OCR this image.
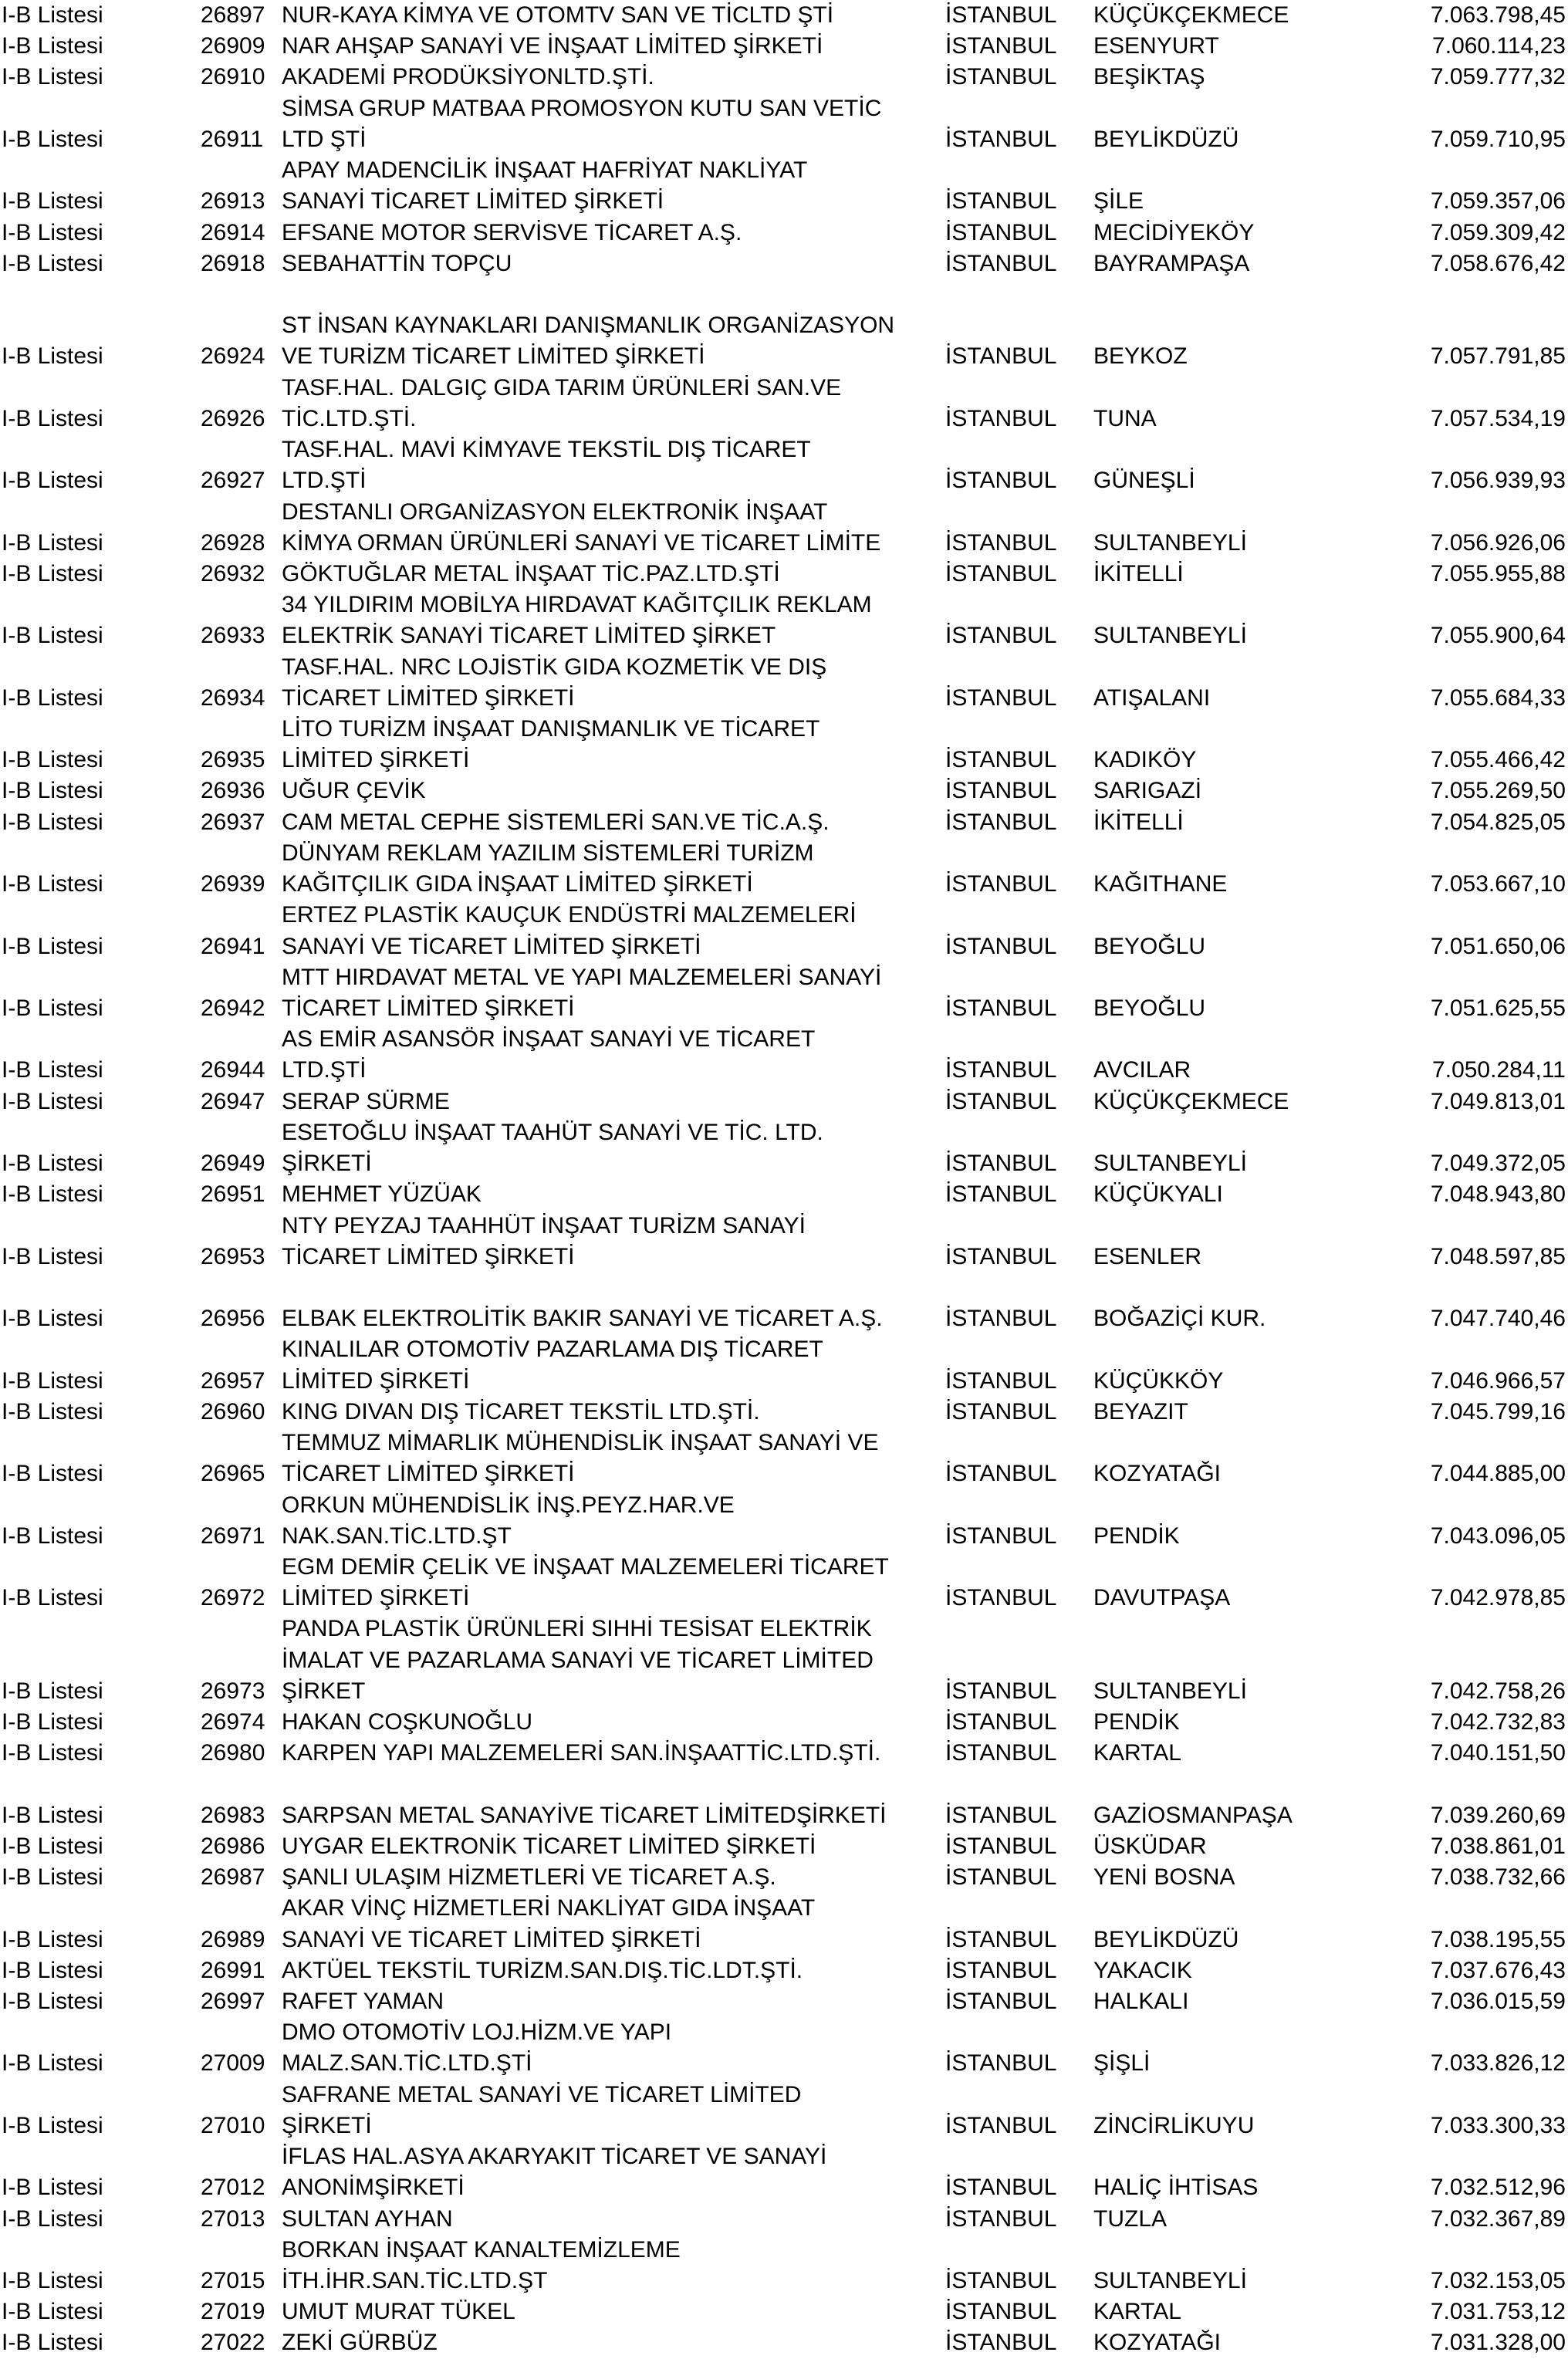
I-B Listesi	26897 NUR-KAYA KİMYA VE OTOMTV SAN VE TİCLTD ŞTİ	İSTANBUL KÜÇÜKÇEKMECE	7.063.798,45
I-B Listesi	26909 NAR AHŞAP SANAYİ VE İNŞAAT LİMİTED ŞİRKETİ	İSTANBUL ESENYURT	7.060.114,23
I-B Listesi	26910 AKADEMİ PRODÜKSİYONLTD.ŞTİ.	İSTANBUL BEŞİKTAŞ	7.059.777,32
SİMSA GRUP MATBAA PROMOSYON KUTU SAN VETİC
I-B Listesi	26911 LTD ŞTİ	İSTANBUL BEYLİKDÜZÜ	7.059.710,95
APAY MADENCİLİK İNŞAAT HAFRİYAT NAKLİYAT
I-B Listesi	26913 SANAYİ TİCARET LİMİTED ŞİRKETİ	İSTANBUL ŞİLE	7.059.357,06
I-B Listesi	26914 EFSANE MOTOR SERVİSVE TİCARET A.Ş.	İSTANBUL MECİDİYEKÖY	7.059.309,42
I-B Listesi	26918 SEBAHATTİN TOPÇU	İSTANBUL BAYRAMPAŞA	7.058.676,42
ST İNSAN KAYNAKLARI DANIŞMANLIK ORGANİZASYON
I-B Listesi	26924 VE TURİZM TİCARET LİMİTED ŞİRKETİ	İSTANBUL BEYKOZ	7.057.791,85
TASF.HAL. DALGIÇ GIDA TARIM ÜRÜNLERİ SAN.VE
I-B Listesi	26926 TİC.LTD.ŞTİ.	İSTANBUL TUNA	7.057.534,19
TASF.HAL. MAVİ KİMYAVE TEKSTİL DIŞ TİCARET
I-B Listesi	26927 LTD.ŞTİ	İSTANBUL GÜNEŞLİ	7.056.939,93
DESTANLI ORGANİZASYON ELEKTRONİK İNŞAAT
I-B Listesi	26928 KİMYA ORMAN ÜRÜNLERİ SANAYİ VE TİCARET LİMİTE	İSTANBUL SULTANBEYLİ	7.056.926,06
I-B Listesi	26932 GÖKTUĞLAR METAL İNŞAAT TİC.PAZ.LTD.ŞTİ	İSTANBUL İKİTELLİ	7.055.955,88
34 YILDIRIM MOBİLYA HIRDAVAT KAĞITÇILIK REKLAM
I-B Listesi	26933 ELEKTRİK SANAYİ TİCARET LİMİTED ŞİRKET	İSTANBUL SULTANBEYLİ	7.055.900,64
TASF.HAL. NRC LOJİSTİK GIDA KOZMETİK VE DIŞ
I-B Listesi	26934 TİCARET LİMİTED ŞİRKETİ	İSTANBUL ATIŞALANI	7.055.684,33
LİTO TURİZM İNŞAAT DANIŞMANLIK VE TİCARET
I-B Listesi	26935 LİMİTED ŞİRKETİ	İSTANBUL KADIKÖY	7.055.466,42
I-B Listesi	26936 UĞUR ÇEVİK	İSTANBUL SARIGAZİ	7.055.269,50
I-B Listesi	26937 CAM METAL CEPHE SİSTEMLERİ SAN.VE TİC.A.Ş.	İSTANBUL İKİTELLİ	7.054.825,05
DÜNYAM REKLAM YAZILIM SİSTEMLERİ TURİZM
I-B Listesi	26939 KAĞITÇILIK GIDA İNŞAAT LİMİTED ŞİRKETİ	İSTANBUL KAĞITHANE	7.053.667,10
ERTEZ PLASTİK KAUÇUK ENDÜSTRİ MALZEMELERİ
I-B Listesi	26941 SANAYİ VE TİCARET LİMİTED ŞİRKETİ	İSTANBUL BEYOĞLU	7.051.650,06
MTT HIRDAVAT METAL VE YAPI MALZEMELERİ SANAYİ
I-B Listesi	26942 TİCARET LİMİTED ŞİRKETİ	İSTANBUL BEYOĞLU	7.051.625,55
AS EMİR ASANSÖR İNŞAAT SANAYİ VE TİCARET
I-B Listesi	26944 LTD.ŞTİ	İSTANBUL AVCILAR	7.050.284,11
I-B Listesi	26947 SERAP SÜRME	İSTANBUL KÜÇÜKÇEKMECE	7.049.813,01
ESETOĞLU İNŞAAT TAAHÜT SANAYİ VE TİC. LTD.
I-B Listesi	26949 ŞİRKETİ	İSTANBUL SULTANBEYLİ	7.049.372,05
I-B Listesi	26951 MEHMET YÜZÜAK	İSTANBUL KÜÇÜKYALI	7.048.943,80
NTY PEYZAJ TAAHHÜT İNŞAAT TURİZM SANAYİ
I-B Listesi	26953 TİCARET LİMİTED ŞİRKETİ	İSTANBUL ESENLER	7.048.597,85
I-B Listesi	26956 ELBAK ELEKTROLİTİK BAKIR SANAYİ VE TİCARET A.Ş.	İSTANBUL BOĞAZİÇİ KUR.	7.047.740,46
KINALILAR OTOMOTİV PAZARLAMA DIŞ TİCARET
I-B Listesi	26957 LİMİTED ŞİRKETİ	İSTANBUL KÜÇÜKKÖY	7.046.966,57
I-B Listesi	26960 KING DIVAN DIŞ TİCARET TEKSTİL LTD.ŞTİ.	İSTANBUL BEYAZIT	7.045.799,16
TEMMUZ MİMARLIK MÜHENDİSLİK İNŞAAT SANAYİ VE
I-B Listesi	26965 TİCARET LİMİTED ŞİRKETİ	İSTANBUL KOZYATAĞI	7.044.885,00
ORKUN MÜHENDİSLİK İNŞ.PEYZ.HAR.VE
I-B Listesi	26971 NAK.SAN.TİC.LTD.ŞT	İSTANBUL PENDİK	7.043.096,05
EGM DEMİR ÇELİK VE İNŞAAT MALZEMELERİ TİCARET
I-B Listesi	26972 LİMİTED ŞİRKETİ	İSTANBUL DAVUTPAŞA	7.042.978,85
PANDA PLASTİK ÜRÜNLERİ SIHHİ TESİSAT ELEKTRİK
İMALAT VE PAZARLAMA SANAYİ VE TİCARET LİMİTED
I-B Listesi	26973 ŞİRKET	İSTANBUL SULTANBEYLİ	7.042.758,26
I-B Listesi	26974 HAKAN COŞKUNOĞLU	İSTANBUL PENDİK	7.042.732,83
I-B Listesi	26980 KARPEN YAPI MALZEMELERİ SAN.İNŞAATTİC.LTD.ŞTİ.	İSTANBUL KARTAL	7.040.151,50
I-B Listesi	26983 SARPSAN METAL SANAYİVE TİCARET LİMİTEDŞİRKETİ	İSTANBUL GAZİOSMANPAŞA	7.039.260,69
I-B Listesi	26986 UYGAR ELEKTRONİK TİCARET LİMİTED ŞİRKETİ	İSTANBUL ÜSKÜDAR	7.038.861,01
I-B Listesi	26987 ŞANLI ULAŞIM HİZMETLERİ VE TİCARET A.Ş.	İSTANBUL YENİ BOSNA	7.038.732,66
AKAR VİNÇ HİZMETLERİ NAKLİYAT GIDA İNŞAAT
I-B Listesi	26989 SANAYİ VE TİCARET LİMİTED ŞİRKETİ	İSTANBUL BEYLİKDÜZÜ	7.038.195,55
I-B Listesi	26991 AKTÜEL TEKSTİL TURİZM.SAN.DIŞ.TİC.LDT.ŞTİ.	İSTANBUL YAKACIK	7.037.676,43
I-B Listesi	26997 RAFET YAMAN	İSTANBUL HALKALI	7.036.015,59
DMO OTOMOTİV LOJ.HİZM.VE YAPI
I-B Listesi	27009 MALZ.SAN.TİC.LTD.ŞTİ	İSTANBUL ŞİŞLİ	7.033.826,12
SAFRANE METAL SANAYİ VE TİCARET LİMİTED
I-B Listesi	27010 ŞİRKETİ	İSTANBUL ZİNCİRLİKUYU	7.033.300,33
İFLAS HAL.ASYA AKARYAKIT TİCARET VE SANAYİ
I-B Listesi	27012 ANONİMŞİRKETİ	İSTANBUL HALİÇ İHTİSAS	7.032.512,96
I-B Listesi	27013 SULTAN AYHAN	İSTANBUL TUZLA	7.032.367,89
BORKAN İNŞAAT KANALTEMİZLEME
I-B Listesi	27015 İTH.İHR.SAN.TİC.LTD.ŞT	İSTANBUL SULTANBEYLİ	7.032.153,05
I-B Listesi	27019 UMUT MURAT TÜKEL	İSTANBUL KARTAL	7.031.753,12
I-B Listesi	27022 ZEKİ GÜRBÜZ	İSTANBUL KOZYATAĞI	7.031.328,00
